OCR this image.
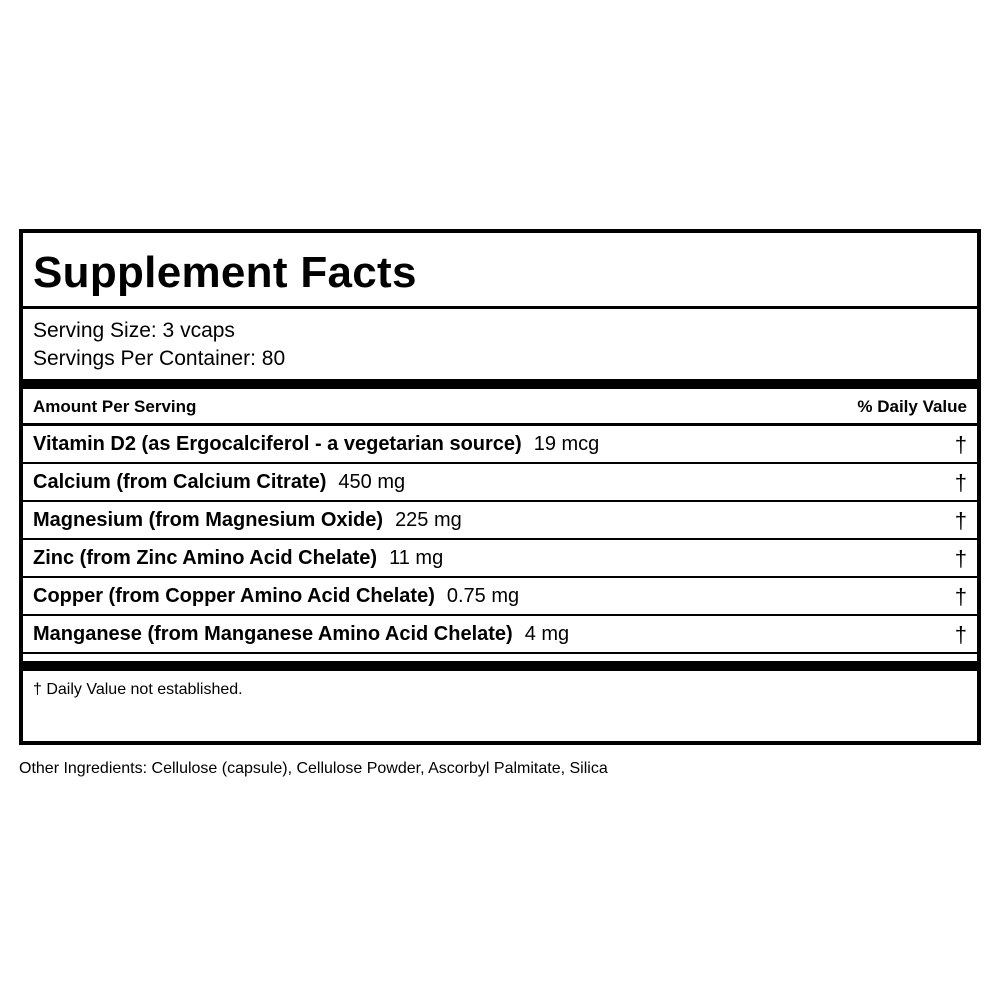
Supplement Facts
Serving Size: 3 vcaps
Servings Per Container: 80
Amount Per Serving	% Daily Value
Vitamin D2 (as Ergocalciferol - a vegetarian source) 19 mcg	†
Calcium (from Calcium Citrate) 450 mg	†
Magnesium (from Magnesium Oxide) 225 mg	†
Zinc (from Zinc Amino Acid Chelate) 11 mg	†
Copper (from Copper Amino Acid Chelate) 0.75 mg	†
Manganese (from Manganese Amino Acid Chelate) 4 mg	†
† Daily Value not established.
Other Ingredients: Cellulose (capsule), Cellulose Powder, Ascorbyl Palmitate, Silica
